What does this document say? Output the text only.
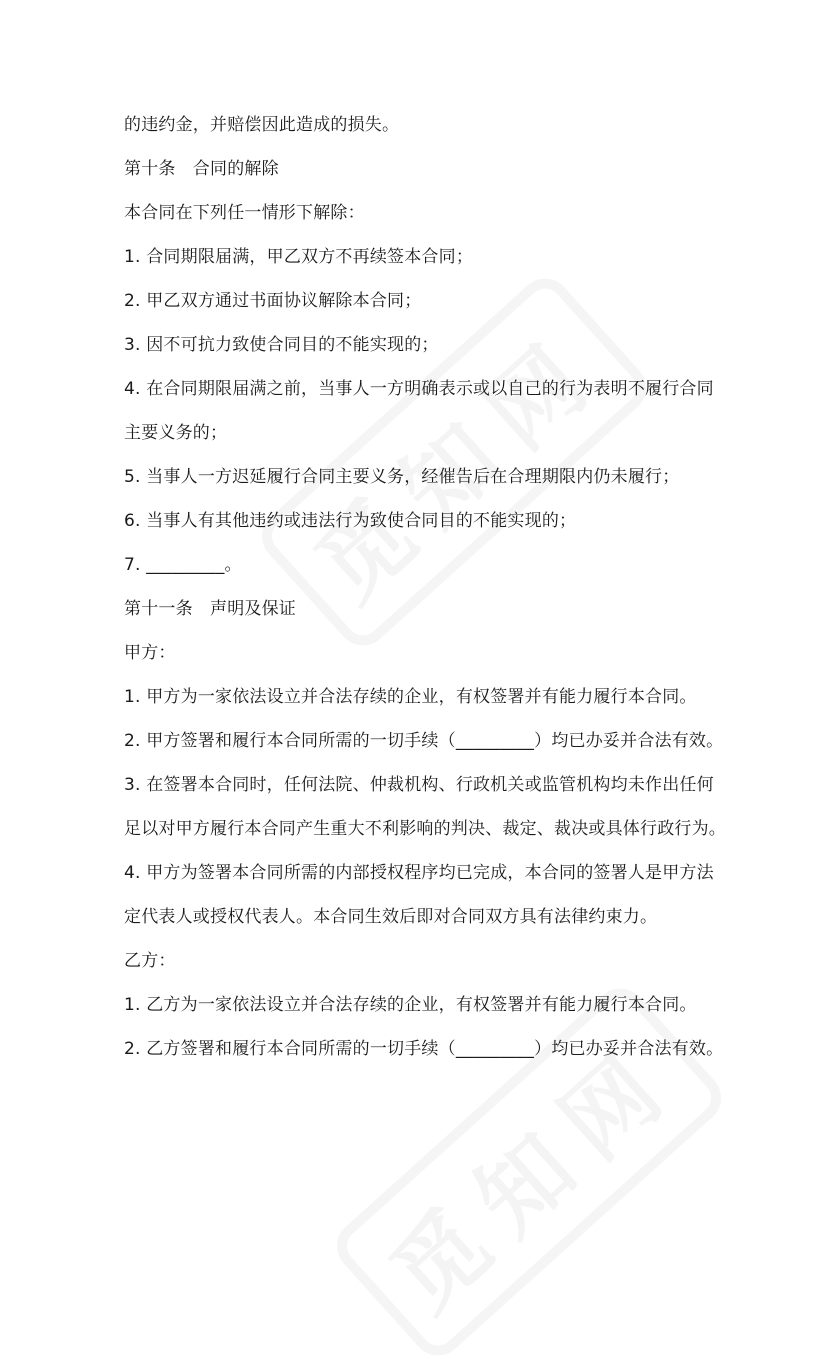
的违约金，并赔偿因此造成的损失。
第十条　合同的解除
本合同在下列任一情形下解除：
1. 合同期限届满，甲乙双方不再续签本合同；
2. 甲乙双方通过书面协议解除本合同；
3. 因不可抗力致使合同目的不能实现的；
4. 在合同期限届满之前，当事人一方明确表示或以自己的行为表明不履行合同
主要义务的；
5. 当事人一方迟延履行合同主要义务，经催告后在合理期限内仍未履行；
6. 当事人有其他违约或违法行为致使合同目的不能实现的；
7. _________。
第十一条　声明及保证
甲方：
1. 甲方为一家依法设立并合法存续的企业，有权签署并有能力履行本合同。
2. 甲方签署和履行本合同所需的一切手续（_________）均已办妥并合法有效。
3. 在签署本合同时，任何法院、仲裁机构、行政机关或监管机构均未作出任何
足以对甲方履行本合同产生重大不利影响的判决、裁定、裁决或具体行政行为。
4. 甲方为签署本合同所需的内部授权程序均已完成，本合同的签署人是甲方法
定代表人或授权代表人。本合同生效后即对合同双方具有法律约束力。
乙方：
1. 乙方为一家依法设立并合法存续的企业，有权签署并有能力履行本合同。
2. 乙方签署和履行本合同所需的一切手续（_________）均已办妥并合法有效。
